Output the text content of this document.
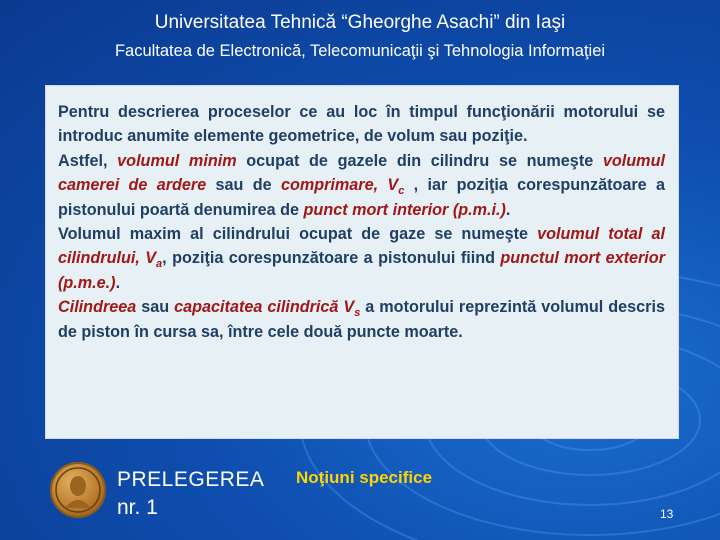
Universitatea Tehnică “Gheorghe Asachi” din Iaşi
Facultatea de Electronică, Telecomunicaţii şi Tehnologia Informaţiei

Pentru descrierea proceselor ce au loc în timpul funcţionării motorului se introduc anumite elemente geometrice, de volum sau poziţie.
Astfel, volumul minim ocupat de gazele din cilindru se numeşte volumul camerei de ardere sau de comprimare, $V_c$ , iar poziţia corespunzătoare a pistonului poartă denumirea de punct mort interior (p.m.i.).
Volumul maxim al cilindrului ocupat de gaze se numeşte volumul total al cilindrului, $V_a$, poziţia corespunzătoare a pistonului fiind punctul mort exterior (p.m.e.).
Cilindreea sau capacitatea cilindrică $V_s$ a motorului reprezintă volumul descris de piston în cursa sa, între cele două puncte moarte.

PRELEGEREA
nr. 1
Noţiuni specifice
13
